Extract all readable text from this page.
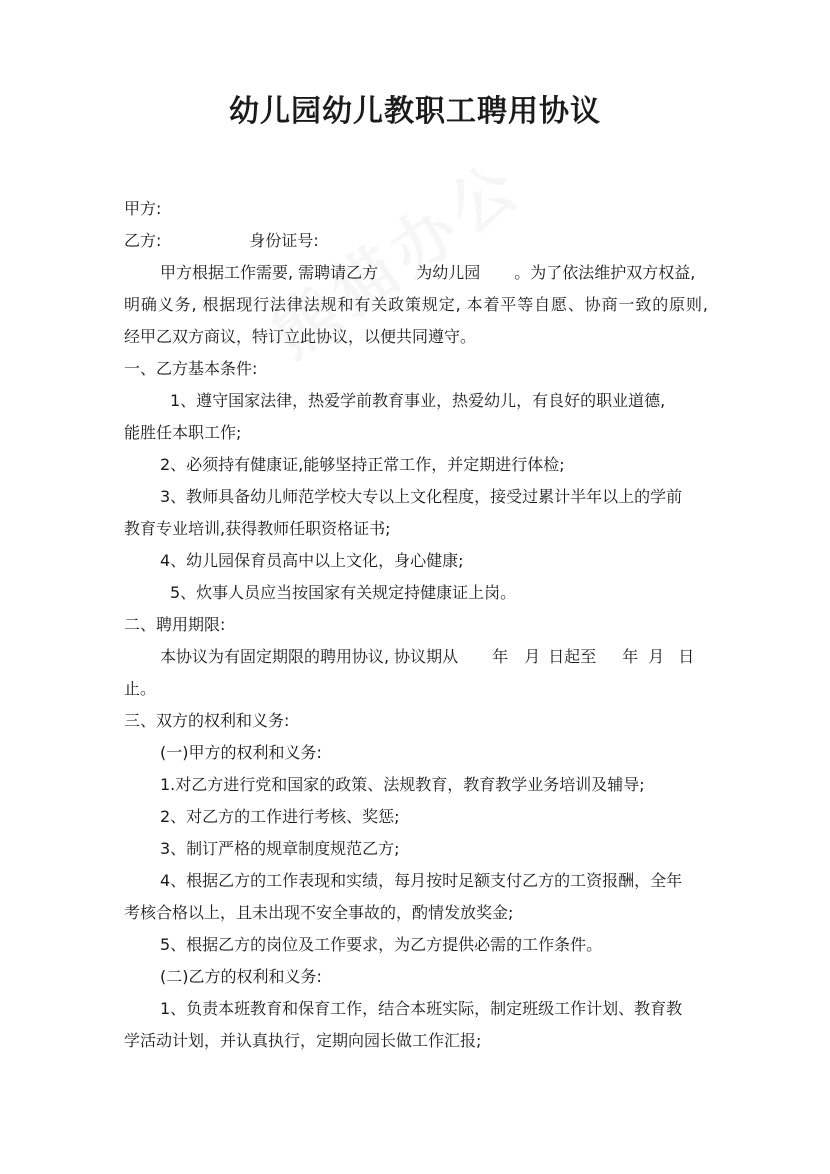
幼儿园幼儿教职工聘用协议
甲方:
乙方:	身份证号:
甲方根据工作需要, 需聘请乙方 为幼儿园 。为了依法维护双方权益,
明确义务, 根据现行法律法规和有关政策规定, 本着平等自愿、协商一致的原则,
经甲乙双方商议，特订立此协议，以便共同遵守。
一、乙方基本条件:
1、遵守国家法律，热爱学前教育事业，热爱幼儿，有良好的职业道德,
能胜任本职工作;
2、必须持有健康证,能够坚持正常工作，并定期进行体检;
3、教师具备幼儿师范学校大专以上文化程度，接受过累计半年以上的学前
教育专业培训,获得教师任职资格证书;
4、幼儿园保育员高中以上文化，身心健康;
5、炊事人员应当按国家有关规定持健康证上岗。
二、聘用期限:
本协议为有固定期限的聘用协议, 协议期从 年 月 日起至 年 月 日
止。
三、双方的权利和义务:
(一)甲方的权利和义务:
1.对乙方进行党和国家的政策、法规教育，教育教学业务培训及辅导;
2、对乙方的工作进行考核、奖惩;
3、制订严格的规章制度规范乙方;
4、根据乙方的工作表现和实绩，每月按时足额支付乙方的工资报酬，全年
考核合格以上，且未出现不安全事故的，酌情发放奖金;
5、根据乙方的岗位及工作要求，为乙方提供必需的工作条件。
(二)乙方的权利和义务:
1、负责本班教育和保育工作，结合本班实际，制定班级工作计划、教育教
学活动计划，并认真执行，定期向园长做工作汇报;
